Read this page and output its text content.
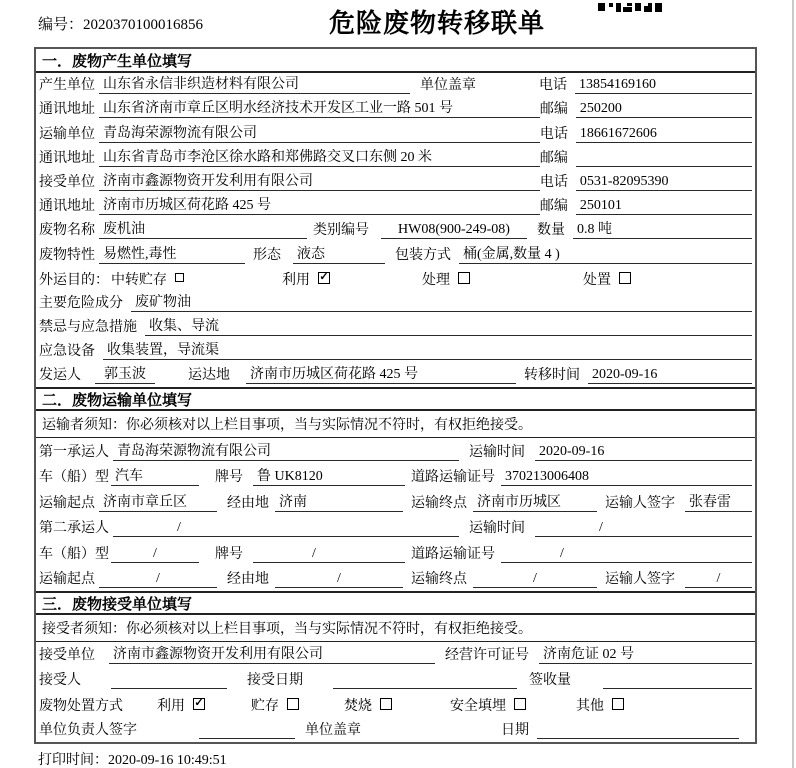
编号：2020370100016856	危险废物转移联单
一．废物产生单位填写
产生单位 山东省永信非织造材料有限公司	单位盖章	电话 13854169160
通讯地址 山东省济南市章丘区明水经济技术开发区工业一路 501 号	邮编 250200
运输单位 青岛海荣源物流有限公司	电话 18661672606
通讯地址 山东省青岛市李沧区徐水路和郑佛路交叉口东侧 20 米	邮编
接受单位 济南市鑫源物资开发利用有限公司	电话 0531-82095390
通讯地址 济南市历城区荷花路 425 号	邮编 250101
废物名称 废机油	类别编号	HW08(900-249-08)	数量 0.8 吨
废物特性 易燃性,毒性	形态 液态	包装方式 桶(金属,数量 4 )
外运目的： 中转贮存	利用 ✓	处理	处置
主要危险成分 废矿物油
禁忌与应急措施 收集、导流
应急设备 收集装置，导流渠
发运人	郭玉波	运达地 济南市历城区荷花路 425 号	转移时间 2020-09-16
二．废物运输单位填写
运输者须知：你必须核对以上栏目事项，当与实际情况不符时，有权拒绝接受。
第一承运人 青岛海荣源物流有限公司	运输时间 2020-09-16
车（船）型 汽车	牌号 鲁 UK8120	道路运输证号 370213006408
运输起点 济南市章丘区	经由地 济南	运输终点 济南市历城区	运输人签字 张春雷
第二承运人	/	运输时间	/
车（船）型	/	牌号	/	道路运输证号	/
运输起点	/	经由地	/	运输终点	/	运输人签字	/
三．废物接受单位填写
接受者须知：你必须核对以上栏目事项，当与实际情况不符时，有权拒绝接受。
接受单位 济南市鑫源物资开发利用有限公司	经营许可证号 济南危证 02 号
接受人	接受日期	签收量
废物处置方式 利用 ✓	贮存	焚烧	安全填埋	其他
单位负责人签字	单位盖章	日期
打印时间：2020-09-16 10:49:51
